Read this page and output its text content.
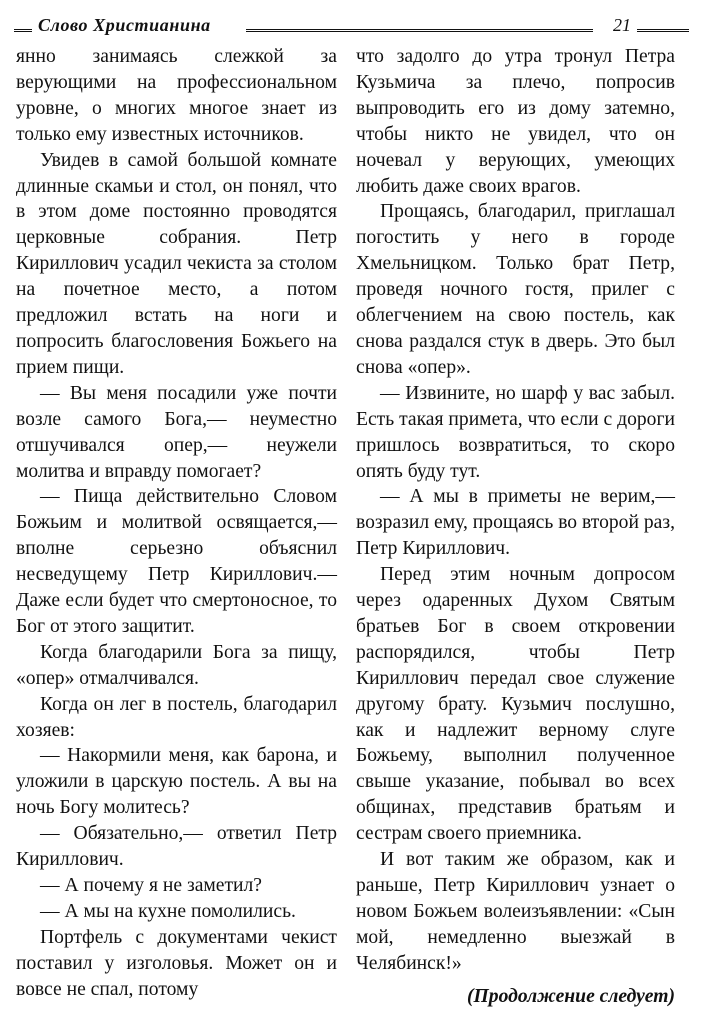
Слово Христианина	21

янно занимаясь слежкой за верующими на профессиональном уровне, о многих многое знает из только ему известных источников.

Увидев в самой большой комнате длинные скамьи и стол, он понял, что в этом доме постоянно проводятся церковные собрания. Петр Кириллович усадил чекиста за столом на почетное место, а потом предложил встать на ноги и попросить благословения Божьего на прием пищи.

— Вы меня посадили уже почти возле самого Бога,— неуместно отшучивался опер,— неужели молитва и вправду помогает?

— Пища действительно Словом Божьим и молитвой освящается,— вполне серьезно объяснил несведущему Петр Кириллович.— Даже если будет что смертоносное, то Бог от этого защитит.

Когда благодарили Бога за пищу, «опер» отмалчивался.

Когда он лег в постель, благодарил хозяев:

— Накормили меня, как барона, и уложили в царскую постель. А вы на ночь Богу молитесь?

— Обязательно,— ответил Петр Кириллович.

— А почему я не заметил?

— А мы на кухне помолились.

Портфель с документами чекист поставил у изголовья. Может он и вовсе не спал, потому

что задолго до утра тронул Петра Кузьмича за плечо, попросив выпроводить его из дому затемно, чтобы никто не увидел, что он ночевал у верующих, умеющих любить даже своих врагов.

Прощаясь, благодарил, приглашал погостить у него в городе Хмельницком. Только брат Петр, проведя ночного гостя, прилег с облегчением на свою постель, как снова раздался стук в дверь. Это был снова «опер».

— Извините, но шарф у вас забыл. Есть такая примета, что если с дороги пришлось возвратиться, то скоро опять буду тут.

— А мы в приметы не верим,— возразил ему, прощаясь во второй раз, Петр Кириллович.

Перед этим ночным допросом через одаренных Духом Святым братьев Бог в своем откровении распорядился, чтобы Петр Кириллович передал свое служение другому брату. Кузьмич послушно, как и надлежит верному слуге Божьему, выполнил полученное свыше указание, побывал во всех общинах, представив братьям и сестрам своего приемника.

И вот таким же образом, как и раньше, Петр Кириллович узнает о новом Божьем волеизъявлении: «Сын мой, немедленно выезжай в Челябинск!»

(Продолжение следует)
